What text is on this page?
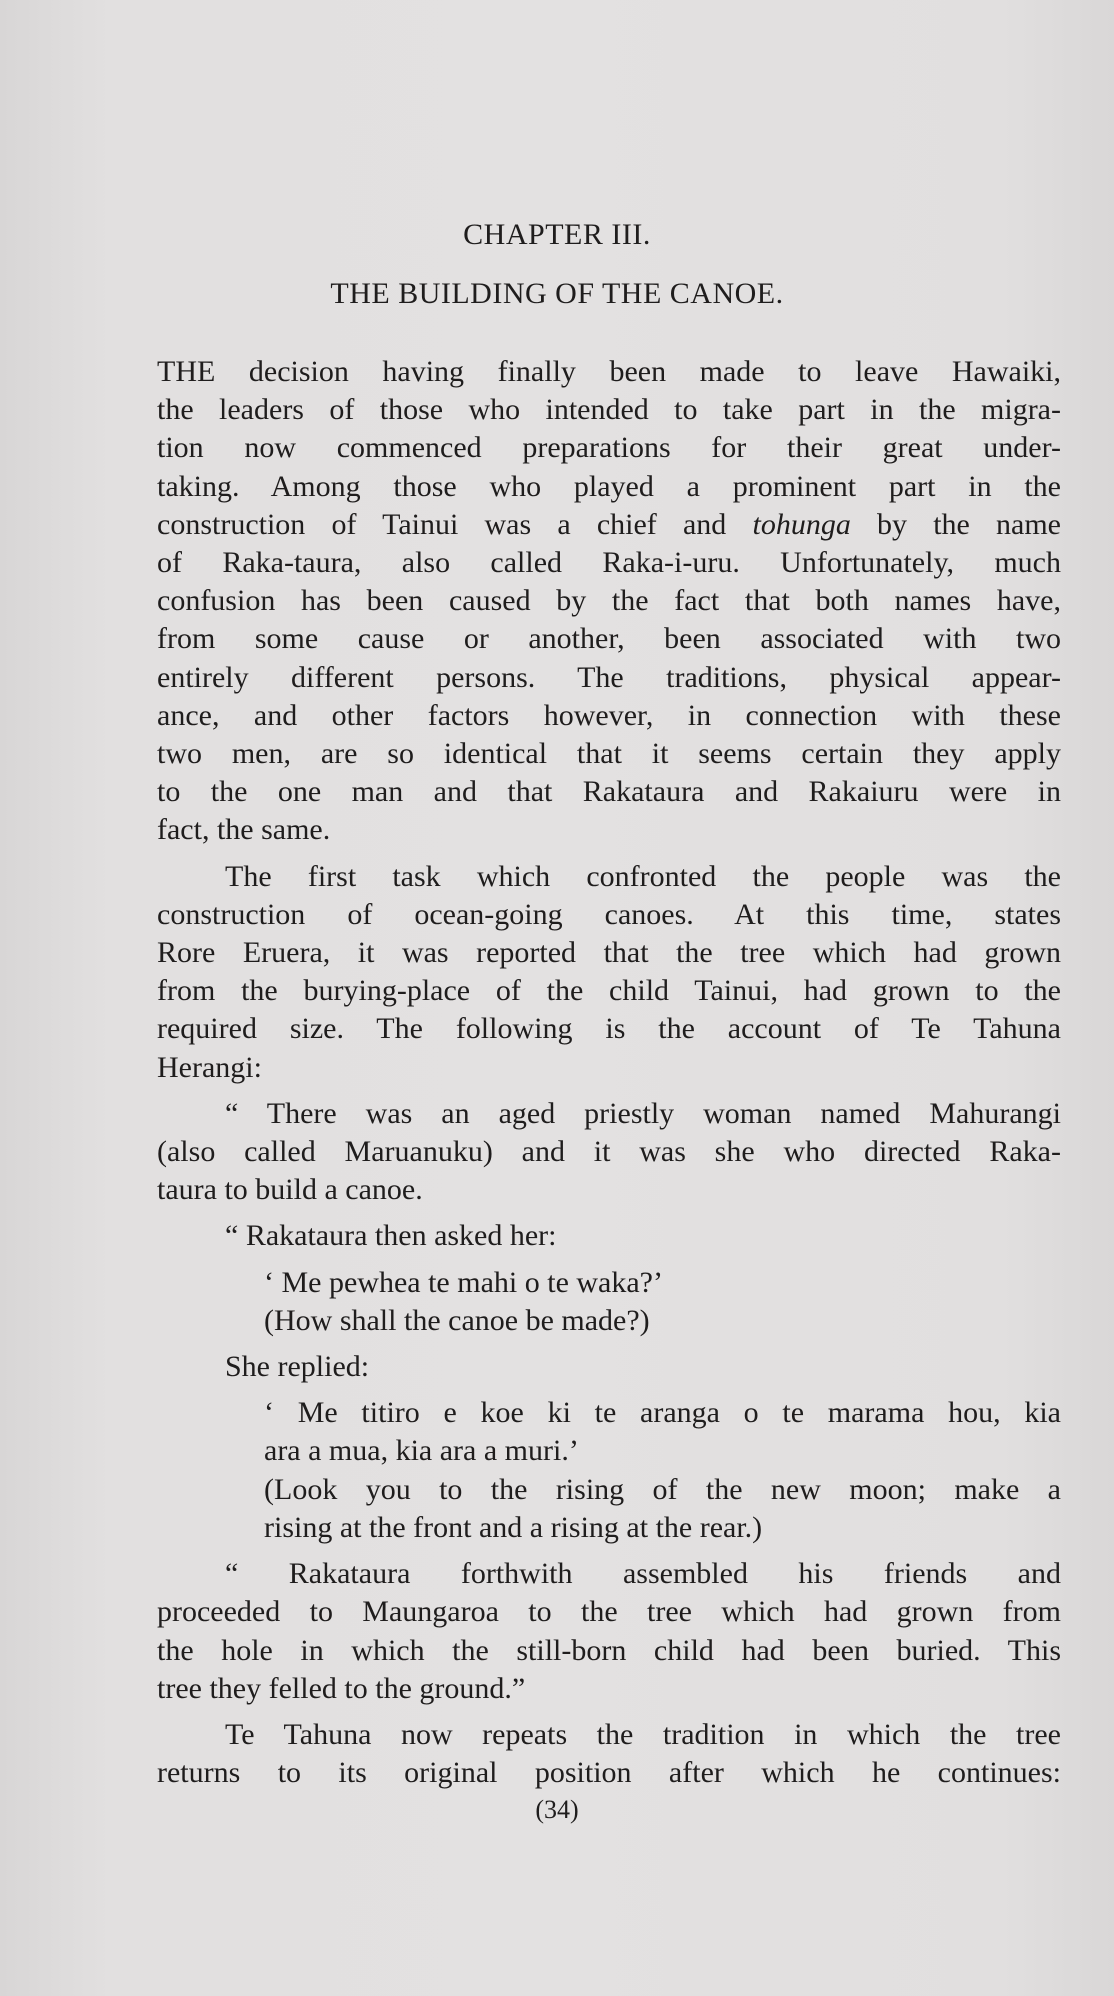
CHAPTER III.
THE BUILDING OF THE CANOE.
THE decision having finally been made to leave Hawaiki,
the leaders of those who intended to take part in the migra-
tion now commenced preparations for their great under-
taking. Among those who played a prominent part in the
construction of Tainui was a chief and tohunga by the name
of Raka-taura, also called Raka-i-uru. Unfortunately, much
confusion has been caused by the fact that both names have,
from some cause or another, been associated with two
entirely different persons. The traditions, physical appear-
ance, and other factors however, in connection with these
two men, are so identical that it seems certain they apply
to the one man and that Rakataura and Rakaiuru were in
fact, the same.
The first task which confronted the people was the
construction of ocean-going canoes. At this time, states
Rore Eruera, it was reported that the tree which had grown
from the burying-place of the child Tainui, had grown to the
required size. The following is the account of Te Tahuna
Herangi:
“ There was an aged priestly woman named Mahurangi
(also called Maruanuku) and it was she who directed Raka-
taura to build a canoe.
“ Rakataura then asked her:
‘ Me pewhea te mahi o te waka?’
(How shall the canoe be made?)
She replied:
‘ Me titiro e koe ki te aranga o te marama hou, kia
ara a mua, kia ara a muri.’
(Look you to the rising of the new moon; make a
rising at the front and a rising at the rear.)
“ Rakataura forthwith assembled his friends and
proceeded to Maungaroa to the tree which had grown from
the hole in which the still-born child had been buried. This
tree they felled to the ground.”
Te Tahuna now repeats the tradition in which the tree
returns to its original position after which he continues:
(34)
